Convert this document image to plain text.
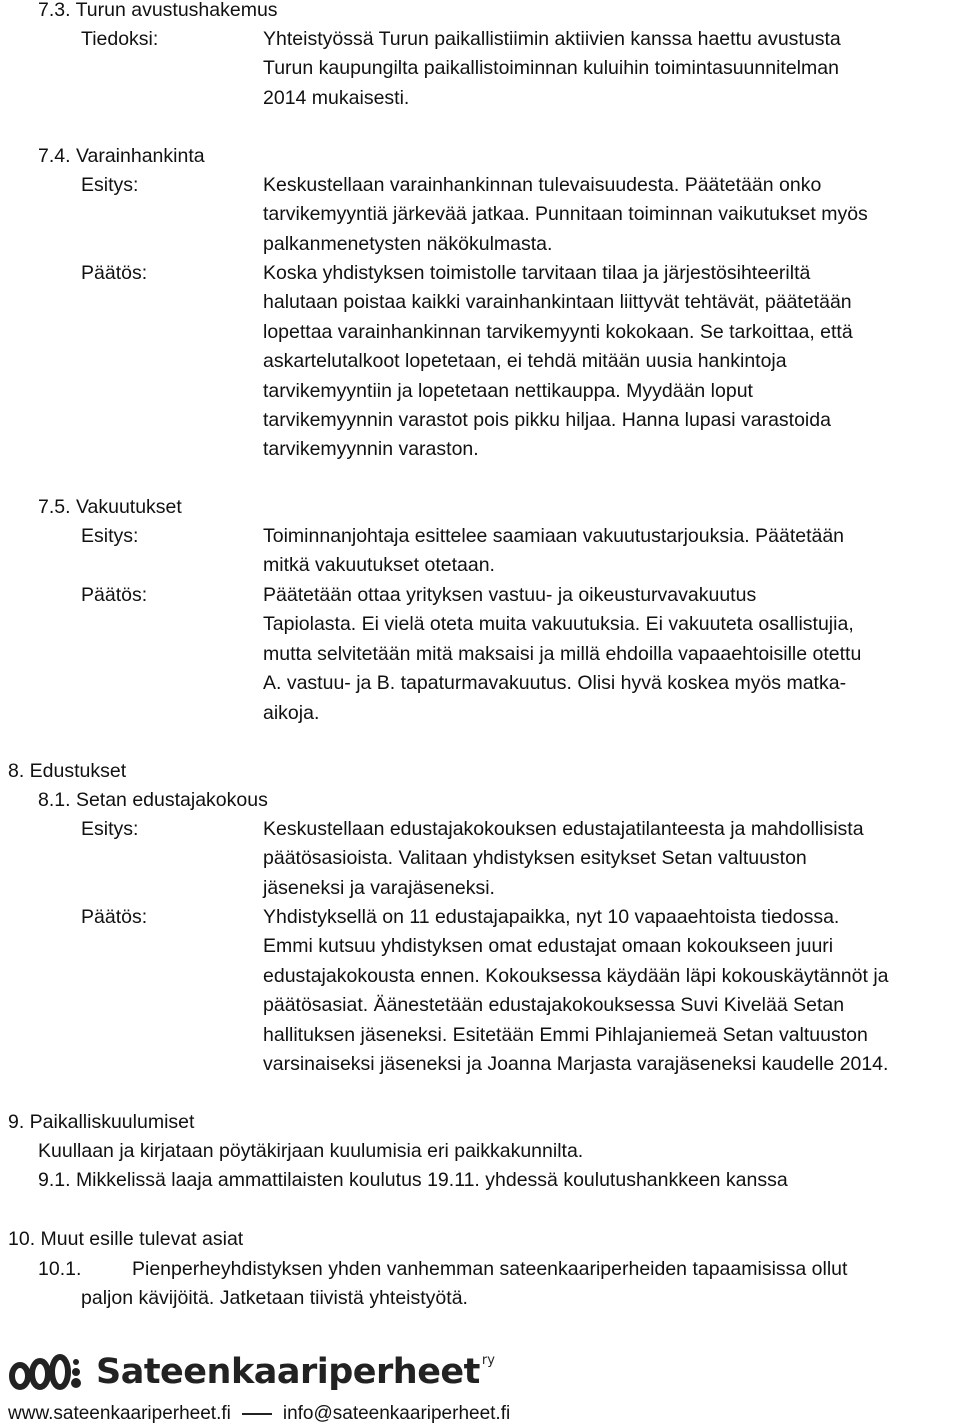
7.3. Turun avustushakemus
Tiedoksi:	Yhteistyössä Turun paikallistiimin aktiivien kanssa haettu avustusta

Turun kaupungilta paikallistoiminnan kuluihin toimintasuunnitelman

2014 mukaisesti.

7.4. Varainhankinta
Esitys:	Keskustellaan varainhankinnan tulevaisuudesta. Päätetään onko

tarvikemyyntiä järkevää jatkaa. Punnitaan toiminnan vaikutukset myös

palkanmenetysten näkökulmasta.

Päätös:	Koska yhdistyksen toimistolle tarvitaan tilaa ja järjestösihteeriltä

halutaan poistaa kaikki varainhankintaan liittyvät tehtävät, päätetään

lopettaa varainhankinnan tarvikemyynti kokokaan. Se tarkoittaa, että

askartelutalkoot lopetetaan, ei tehdä mitään uusia hankintoja

tarvikemyyntiin ja lopetetaan nettikauppa. Myydään loput

tarvikemyynnin varastot pois pikku hiljaa. Hanna lupasi varastoida

tarvikemyynnin varaston.

7.5. Vakuutukset
Esitys:	Toiminnanjohtaja esittelee saamiaan vakuutustarjouksia. Päätetään

mitkä vakuutukset otetaan.

Päätös:	Päätetään ottaa yrityksen vastuu- ja oikeusturvavakuutus

Tapiolasta. Ei vielä oteta muita vakuutuksia. Ei vakuuteta osallistujia,

mutta selvitetään mitä maksaisi ja millä ehdoilla vapaaehtoisille otettu

A. vastuu- ja B. tapaturmavakuutus. Olisi hyvä koskea myös matka-

aikoja.

8. Edustukset
8.1. Setan edustajakokous
Esitys:	Keskustellaan edustajakokouksen edustajatilanteesta ja mahdollisista

päätösasioista. Valitaan yhdistyksen esitykset Setan valtuuston

jäseneksi ja varajäseneksi.

Päätös:	Yhdistyksellä on 11 edustajapaikka, nyt 10 vapaaehtoista tiedossa.

Emmi kutsuu yhdistyksen omat edustajat omaan kokoukseen juuri

edustajakokousta ennen. Kokouksessa käydään läpi kokouskäytännöt ja

päätösasiat. Äänestetään edustajakokouksessa Suvi Kivelää Setan

hallituksen jäseneksi. Esitetään Emmi Pihlajaniemeä Setan valtuuston

varsinaiseksi jäseneksi ja Joanna Marjasta varajäseneksi kaudelle 2014.

9. Paikalliskuulumiset
Kuullaan ja kirjataan pöytäkirjaan kuulumisia eri paikkakunnilta.
9.1. Mikkelissä laaja ammattilaisten koulutus 19.11. yhdessä koulutushankkeen kanssa
10. Muut esille tulevat asiat
10.1.	Pienperheyhdistyksen yhden vanhemman sateenkaariperheiden tapaamisissa ollut
paljon kävijöitä. Jatketaan tiivistä yhteistyötä.
Sateenkaariperheet ry
www.sateenkaariperheet.fi	info@sateenkaariperheet.fi
